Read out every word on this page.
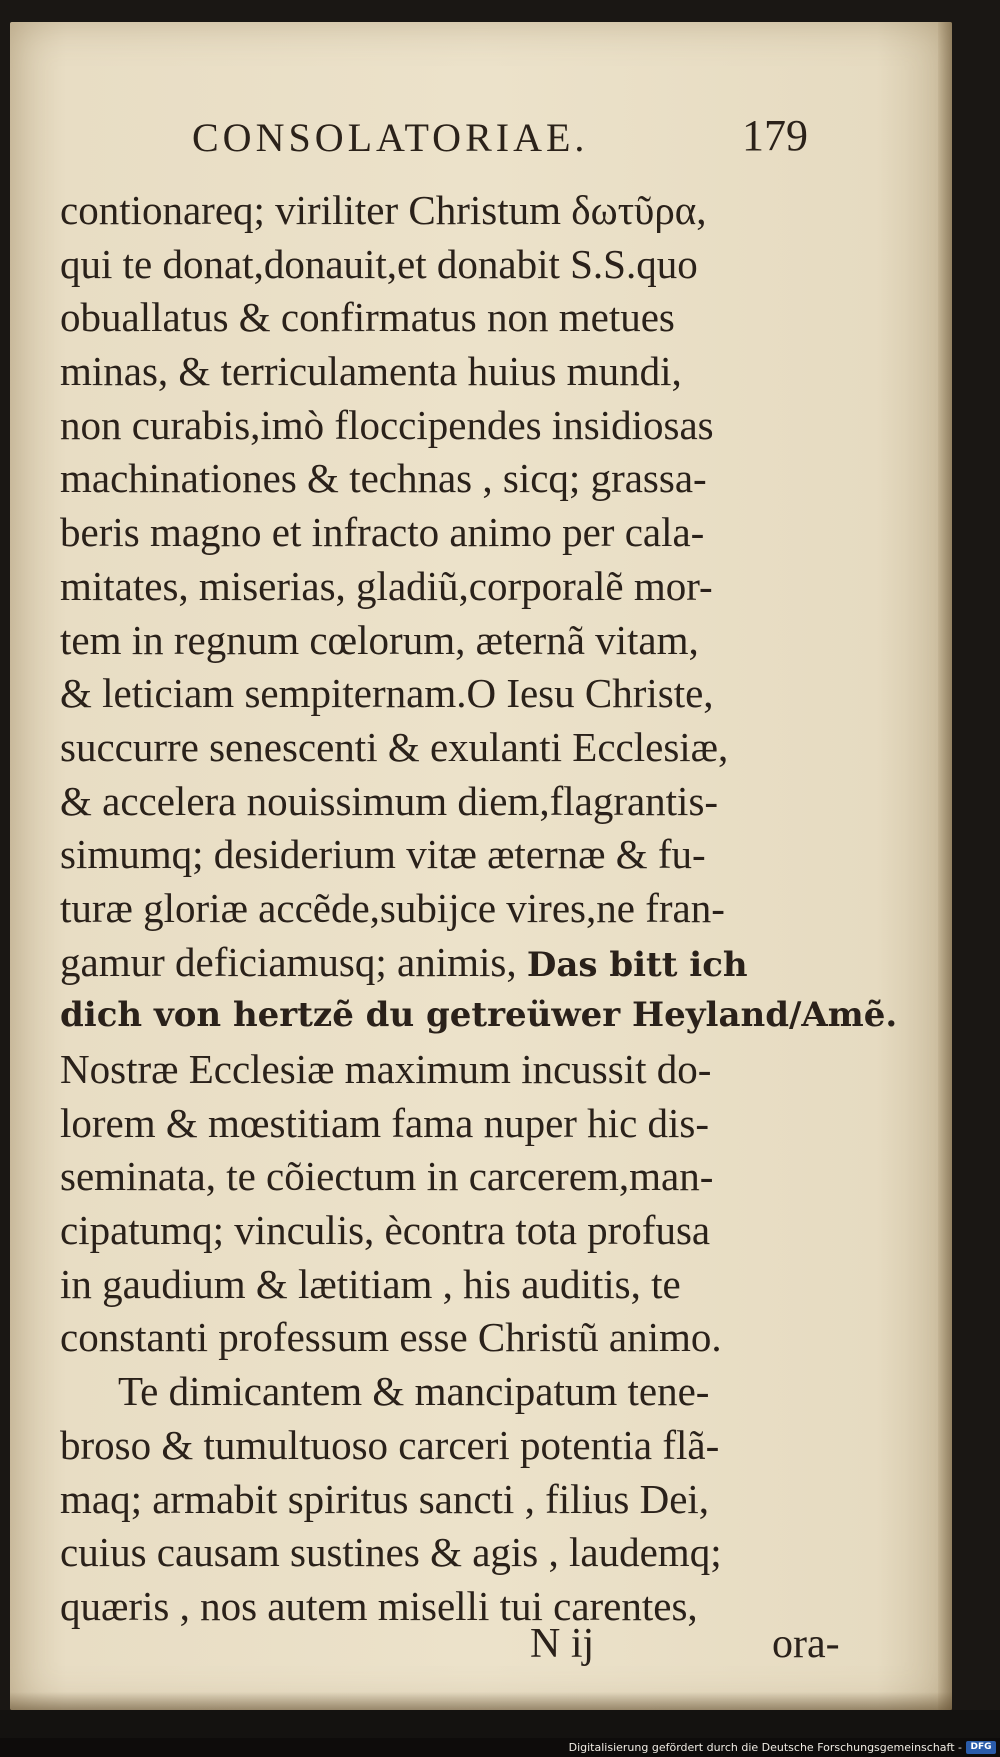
CONSOLATORIAE.	179
contionareq; viriliter Christum δωτῦρα,
qui te donat,donauit,et donabit S.S.quo
obuallatus & confirmatus non metues
minas, & terriculamenta huius mundi,
non curabis,imò floccipendes insidiosas
machinationes & technas , sicq; grassa-
beris magno et infracto animo per cala-
mitates, miserias, gladiũ,corporalẽ mor-
tem in regnum cœlorum, æternã vitam,
& leticiam sempiternam.O Iesu Christe,
succurre senescenti & exulanti Ecclesiæ,
& accelera nouissimum diem,flagrantis-
simumq; desiderium vitæ æternæ & fu-
turæ gloriæ accẽde,subijce vires,ne fran-
gamur deficiamusq; animis, Das bitt ich
dich von hertzẽ du getreüwer Heyland/Amẽ.
Nostræ Ecclesiæ maximum incussit do-
lorem & mœstitiam fama nuper hic dis-
seminata, te cõiectum in carcerem,man-
cipatumq; vinculis, ècontra tota profusa
in gaudium & lætitiam , his auditis, te
constanti professum esse Christũ animo.
Te dimicantem & mancipatum tene-
broso & tumultuoso carceri potentia flã-
maq; armabit spiritus sancti , filius Dei,
cuius causam sustines & agis , laudemq;
quæris , nos autem miselli tui carentes,
N ij	ora-
Digitalisierung gefördert durch die Deutsche Forschungsgemeinschaft - DFG
